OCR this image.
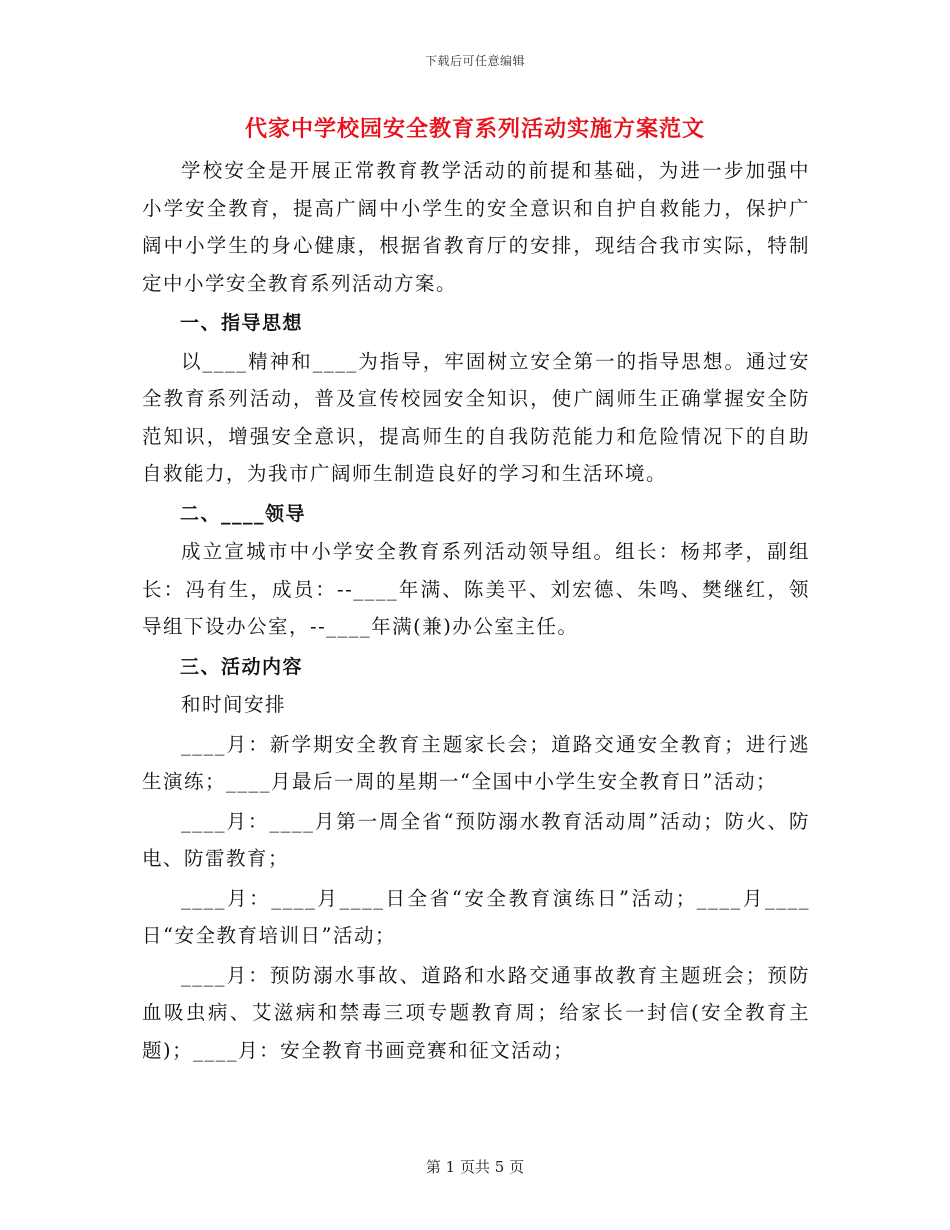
下载后可任意编辑
代家中学校园安全教育系列活动实施方案范文

学校安全是开展正常教育教学活动的前提和基础，为进一步加强中小学安全教育，提高广阔中小学生的安全意识和自护自救能力，保护广阔中小学生的身心健康，根据省教育厅的安排，现结合我市实际，特制定中小学安全教育系列活动方案。

一、指导思想

以____精神和____为指导，牢固树立安全第一的指导思想。通过安全教育系列活动，普及宣传校园安全知识，使广阔师生正确掌握安全防范知识，增强安全意识，提高师生的自我防范能力和危险情况下的自助自救能力，为我市广阔师生制造良好的学习和生活环境。

二、____领导

成立宣城市中小学安全教育系列活动领导组。组长：杨邦孝，副组长：冯有生，成员：--____年满、陈美平、刘宏德、朱鸣、樊继红，领导组下设办公室，--____年满(兼)办公室主任。

三、活动内容

和时间安排

____月：新学期安全教育主题家长会；道路交通安全教育；进行逃生演练；____月最后一周的星期一“全国中小学生安全教育日”活动；

____月：____月第一周全省“预防溺水教育活动周”活动；防火、防电、防雷教育；

____月：____月____日全省“安全教育演练日”活动；____月____日“安全教育培训日”活动；

____月：预防溺水事故、道路和水路交通事故教育主题班会；预防血吸虫病、艾滋病和禁毒三项专题教育周；给家长一封信(安全教育主题)；____月：安全教育书画竞赛和征文活动；

第 1 页共 5 页
